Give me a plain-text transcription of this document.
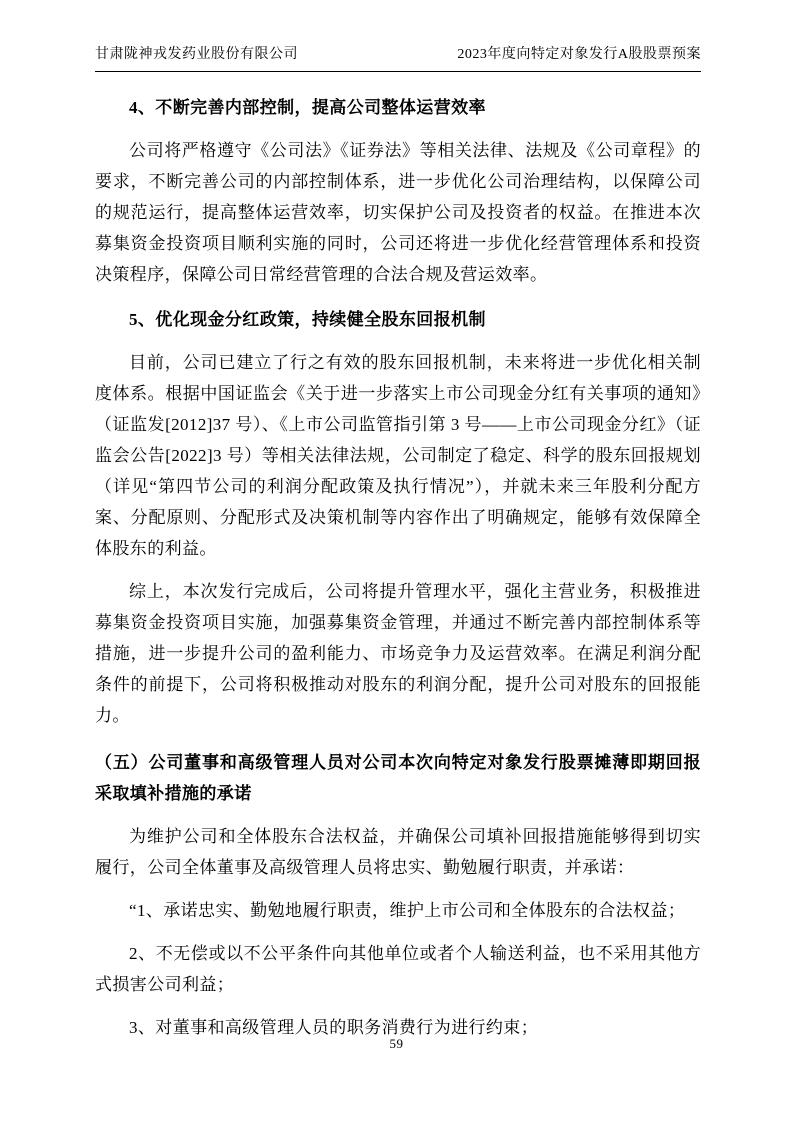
甘肃陇神戎发药业股份有限公司	2023年度向特定对象发行A股股票预案
4、不断完善内部控制，提高公司整体运营效率

公司将严格遵守《公司法》《证券法》等相关法律、法规及《公司章程》的要求，不断完善公司的内部控制体系，进一步优化公司治理结构，以保障公司的规范运行，提高整体运营效率，切实保护公司及投资者的权益。在推进本次募集资金投资项目顺利实施的同时，公司还将进一步优化经营管理体系和投资决策程序，保障公司日常经营管理的合法合规及营运效率。

5、优化现金分红政策，持续健全股东回报机制

目前，公司已建立了行之有效的股东回报机制，未来将进一步优化相关制度体系。根据中国证监会《关于进一步落实上市公司现金分红有关事项的通知》（证监发[2012]37 号）、《上市公司监管指引第 3 号——上市公司现金分红》（证监会公告[2022]3 号）等相关法律法规，公司制定了稳定、科学的股东回报规划（详见“第四节公司的利润分配政策及执行情况”），并就未来三年股利分配方案、分配原则、分配形式及决策机制等内容作出了明确规定，能够有效保障全体股东的利益。

综上，本次发行完成后，公司将提升管理水平，强化主营业务，积极推进募集资金投资项目实施，加强募集资金管理，并通过不断完善内部控制体系等措施，进一步提升公司的盈利能力、市场竞争力及运营效率。在满足利润分配条件的前提下，公司将积极推动对股东的利润分配，提升公司对股东的回报能力。

（五）公司董事和高级管理人员对公司本次向特定对象发行股票摊薄即期回报采取填补措施的承诺

为维护公司和全体股东合法权益，并确保公司填补回报措施能够得到切实履行，公司全体董事及高级管理人员将忠实、勤勉履行职责，并承诺：

“1、承诺忠实、勤勉地履行职责，维护上市公司和全体股东的合法权益；

2、不无偿或以不公平条件向其他单位或者个人输送利益，也不采用其他方式损害公司利益；

3、对董事和高级管理人员的职务消费行为进行约束；

59
